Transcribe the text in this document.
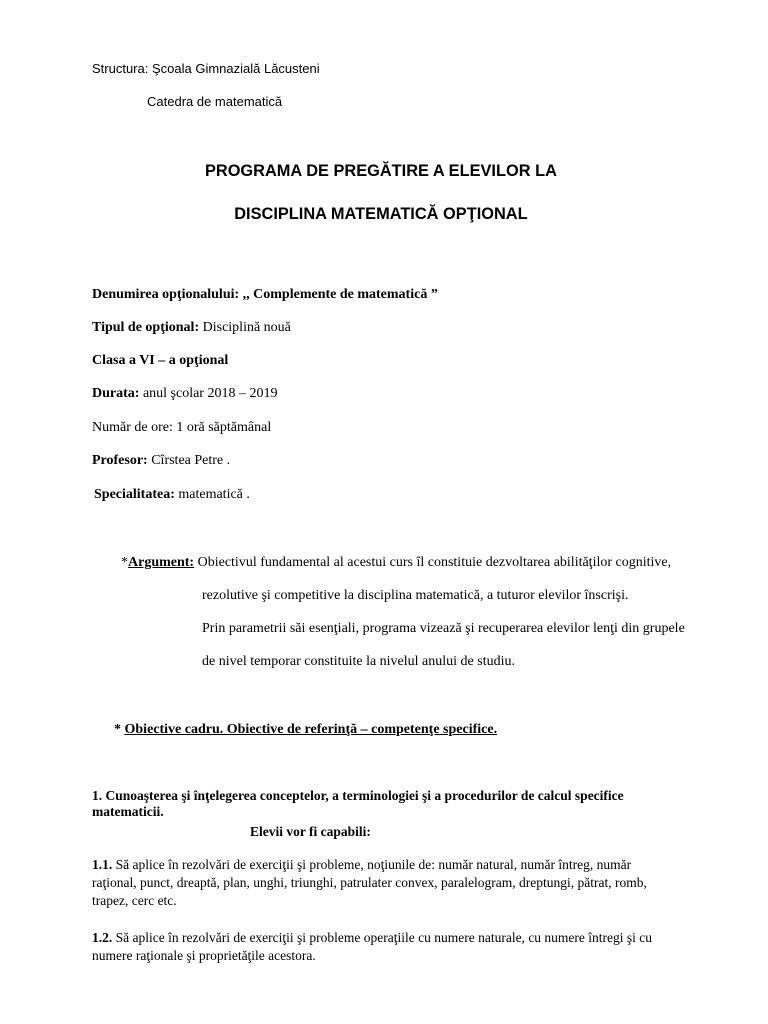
Structura: Şcoala Gimnazială Lăcusteni
Catedra de matematică
PROGRAMA DE PREGĂTIRE A ELEVILOR LA
DISCIPLINA MATEMATICĂ OPŢIONAL
Denumirea opţionalului: ,, Complemente de matematică ”
Tipul de opţional: Disciplină nouă
Clasa a VI – a opţional
Durata: anul şcolar 2018 – 2019
Număr de ore: 1 oră săptămânal
Profesor: Cîrstea Petre .
Specialitatea: matematică .
*Argument: Obiectivul fundamental al acestui curs îl constituie dezvoltarea abilităţilor cognitive,
rezolutive şi competitive la disciplina matematică, a tuturor elevilor înscrişi.
Prin parametrii săi esenţiali, programa vizează şi recuperarea elevilor lenţi din grupele
de nivel temporar constituite la nivelul anului de studiu.
* Obiective cadru. Obiective de referinţă – competenţe specifice.
1. Cunoaşterea şi înţelegerea conceptelor, a terminologiei şi a procedurilor de calcul specifice
matematicii.
Elevii vor fi capabili:
1.1. Să aplice în rezolvări de exerciţii şi probleme, noţiunile de: număr natural, număr întreg, număr
raţional, punct, dreaptă, plan, unghi, triunghi, patrulater convex, paralelogram, dreptungi, pătrat, romb,
trapez, cerc etc.
1.2. Să aplice în rezolvări de exerciţii şi probleme operaţiile cu numere naturale, cu numere întregi şi cu
numere raţionale şi proprietăţile acestora.
